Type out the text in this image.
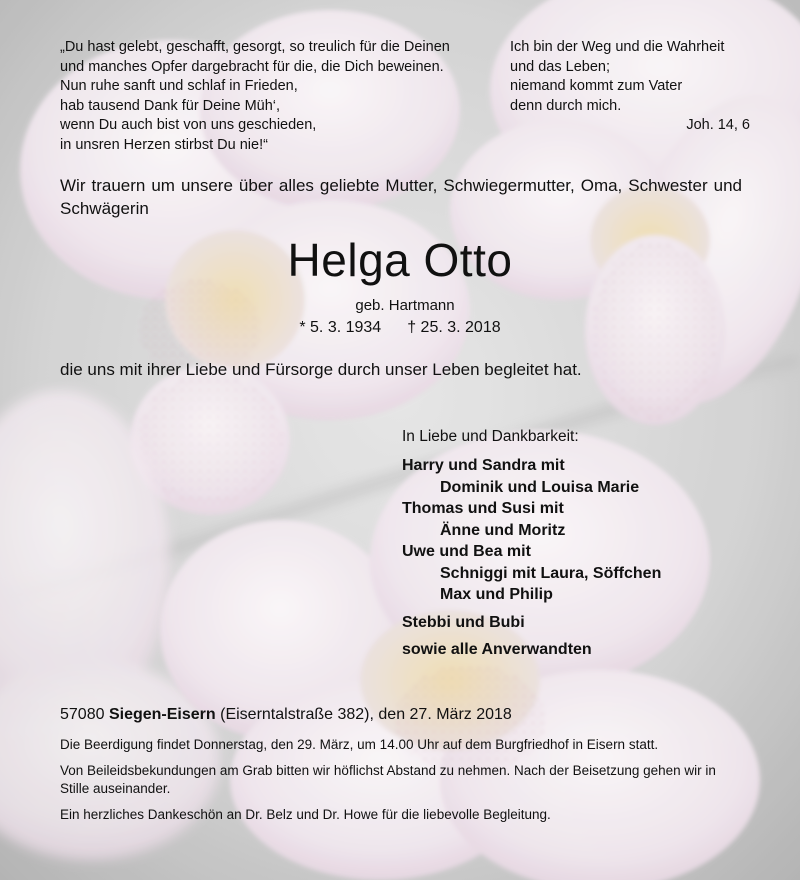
„Du hast gelebt, geschafft, gesorgt, so treulich für die Deinen
und manches Opfer dargebracht für die, die Dich beweinen.
Nun ruhe sanft und schlaf in Frieden,
hab tausend Dank für Deine Müh‘,
wenn Du auch bist von uns geschieden,
in unsren Herzen stirbst Du nie!“
Ich bin der Weg und die Wahrheit
und das Leben;
niemand kommt zum Vater
denn durch mich.
Joh. 14, 6

Wir trauern um unsere über alles geliebte Mutter, Schwiegermutter, Oma, Schwester und Schwägerin

Helga Otto
geb. Hartmann
* 5. 3. 1934 † 25. 3. 2018

die uns mit ihrer Liebe und Fürsorge durch unser Leben begleitet hat.

In Liebe und Dankbarkeit:
Harry und Sandra mit
Dominik und Louisa Marie
Thomas und Susi mit
Änne und Moritz
Uwe und Bea mit
Schniggi mit Laura, Söffchen
Max und Philip
Stebbi und Bubi
sowie alle Anverwandten
57080 Siegen-Eisern (Eiserntalstraße 382), den 27. März 2018

Die Beerdigung findet Donnerstag, den 29. März, um 14.00 Uhr auf dem Burgfriedhof in Eisern statt.

Von Beileidsbekundungen am Grab bitten wir höflichst Abstand zu nehmen. Nach der Beisetzung gehen wir in Stille auseinander.

Ein herzliches Dankeschön an Dr. Belz und Dr. Howe für die liebevolle Begleitung.
